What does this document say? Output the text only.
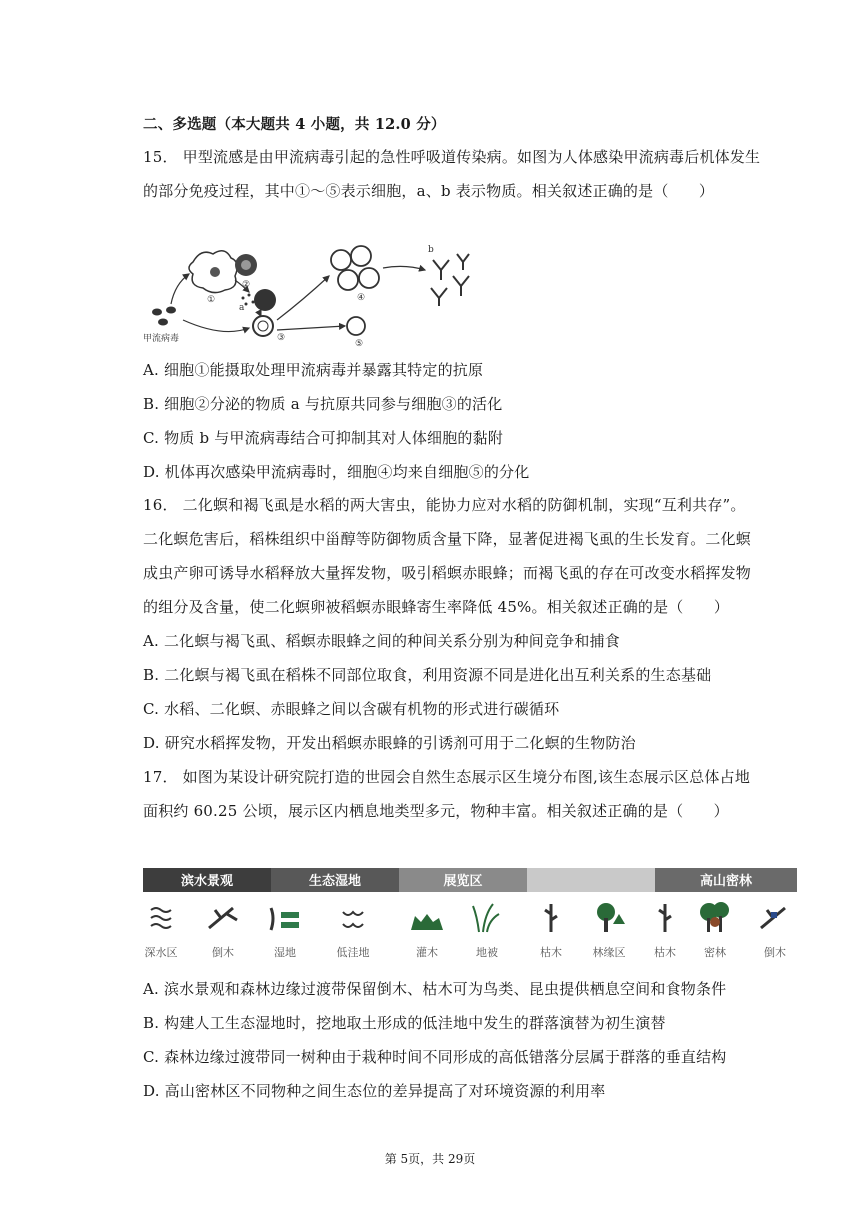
二、多选题（本大题共 4 小题，共 12.0 分）
15． 甲型流感是由甲流病毒引起的急性呼吸道传染病。如图为人体感染甲流病毒后机体发生
的部分免疫过程，其中①～⑤表示细胞，a、b 表示物质。相关叙述正确的是（　　）
甲流病毒
①
②
a
③
④
⑤
b
A. 细胞①能摄取处理甲流病毒并暴露其特定的抗原
B. 细胞②分泌的物质 a 与抗原共同参与细胞③的活化
C. 物质 b 与甲流病毒结合可抑制其对人体细胞的黏附
D. 机体再次感染甲流病毒时，细胞④均来自细胞⑤的分化
16． 二化螟和褐飞虱是水稻的两大害虫，能协力应对水稻的防御机制，实现“互利共存”。
二化螟危害后，稻株组织中甾醇等防御物质含量下降，显著促进褐飞虱的生长发育。二化螟
成虫产卵可诱导水稻释放大量挥发物，吸引稻螟赤眼蜂；而褐飞虱的存在可改变水稻挥发物
的组分及含量，使二化螟卵被稻螟赤眼蜂寄生率降低 45%。相关叙述正确的是（　　）
A. 二化螟与褐飞虱、稻螟赤眼蜂之间的种间关系分别为种间竞争和捕食
B. 二化螟与褐飞虱在稻株不同部位取食，利用资源不同是进化出互利关系的生态基础
C. 水稻、二化螟、赤眼蜂之间以含碳有机物的形式进行碳循环
D. 研究水稻挥发物，开发出稻螟赤眼蜂的引诱剂可用于二化螟的生物防治
17． 如图为某设计研究院打造的世园会自然生态展示区生境分布图,该生态展示区总体占地
面积约 60.25 公顷，展示区内栖息地类型多元，物种丰富。相关叙述正确的是（　　）
滨水景观	生态湿地	展览区	高山密林
深水区	倒木	湿地	低洼地	灌木	地被	枯木	林缘区	枯木	密林	倒木
A. 滨水景观和森林边缘过渡带保留倒木、枯木可为鸟类、昆虫提供栖息空间和食物条件
B. 构建人工生态湿地时，挖地取土形成的低洼地中发生的群落演替为初生演替
C. 森林边缘过渡带同一树种由于栽种时间不同形成的高低错落分层属于群落的垂直结构
D. 高山密林区不同物种之间生态位的差异提高了对环境资源的利用率
第 5页，共 29页
